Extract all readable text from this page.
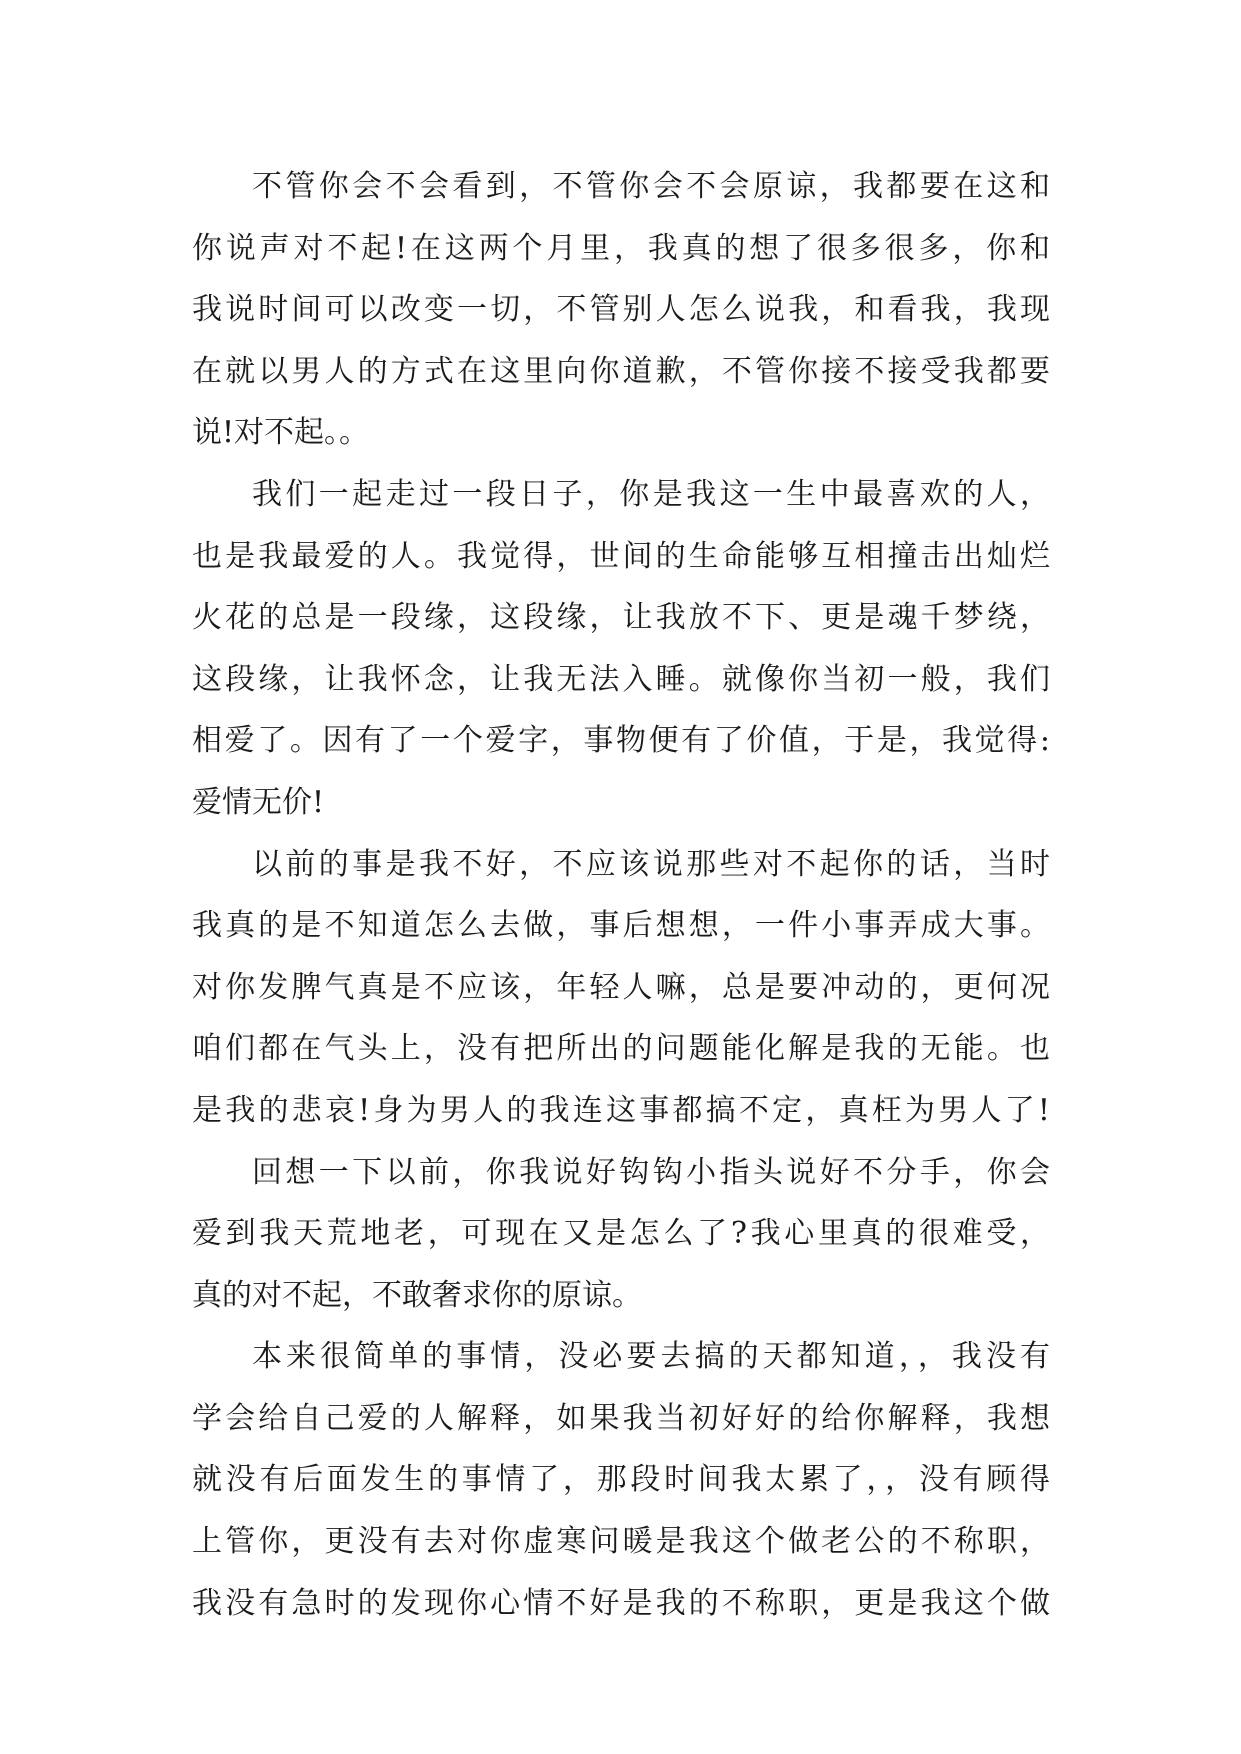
不管你会不会看到，不管你会不会原谅，我都要在这和
你说声对不起!在这两个月里，我真的想了很多很多，你和
我说时间可以改变一切，不管别人怎么说我，和看我，我现
在就以男人的方式在这里向你道歉，不管你接不接受我都要
说!对不起。。
我们一起走过一段日子，你是我这一生中最喜欢的人，
也是我最爱的人。我觉得，世间的生命能够互相撞击出灿烂
火花的总是一段缘，这段缘，让我放不下、更是魂千梦绕，
这段缘，让我怀念，让我无法入睡。就像你当初一般，我们
相爱了。因有了一个爱字，事物便有了价值，于是，我觉得:
爱情无价!
以前的事是我不好，不应该说那些对不起你的话，当时
我真的是不知道怎么去做，事后想想，一件小事弄成大事。
对你发脾气真是不应该，年轻人嘛，总是要冲动的，更何况
咱们都在气头上，没有把所出的问题能化解是我的无能。也
是我的悲哀!身为男人的我连这事都搞不定，真枉为男人了!
回想一下以前，你我说好钩钩小指头说好不分手，你会
爱到我天荒地老，可现在又是怎么了?我心里真的很难受，
真的对不起，不敢奢求你的原谅。
本来很简单的事情，没必要去搞的天都知道，，我没有
学会给自己爱的人解释，如果我当初好好的给你解释，我想
就没有后面发生的事情了，那段时间我太累了，，没有顾得
上管你，更没有去对你虚寒问暖是我这个做老公的不称职，
我没有急时的发现你心情不好是我的不称职，更是我这个做
